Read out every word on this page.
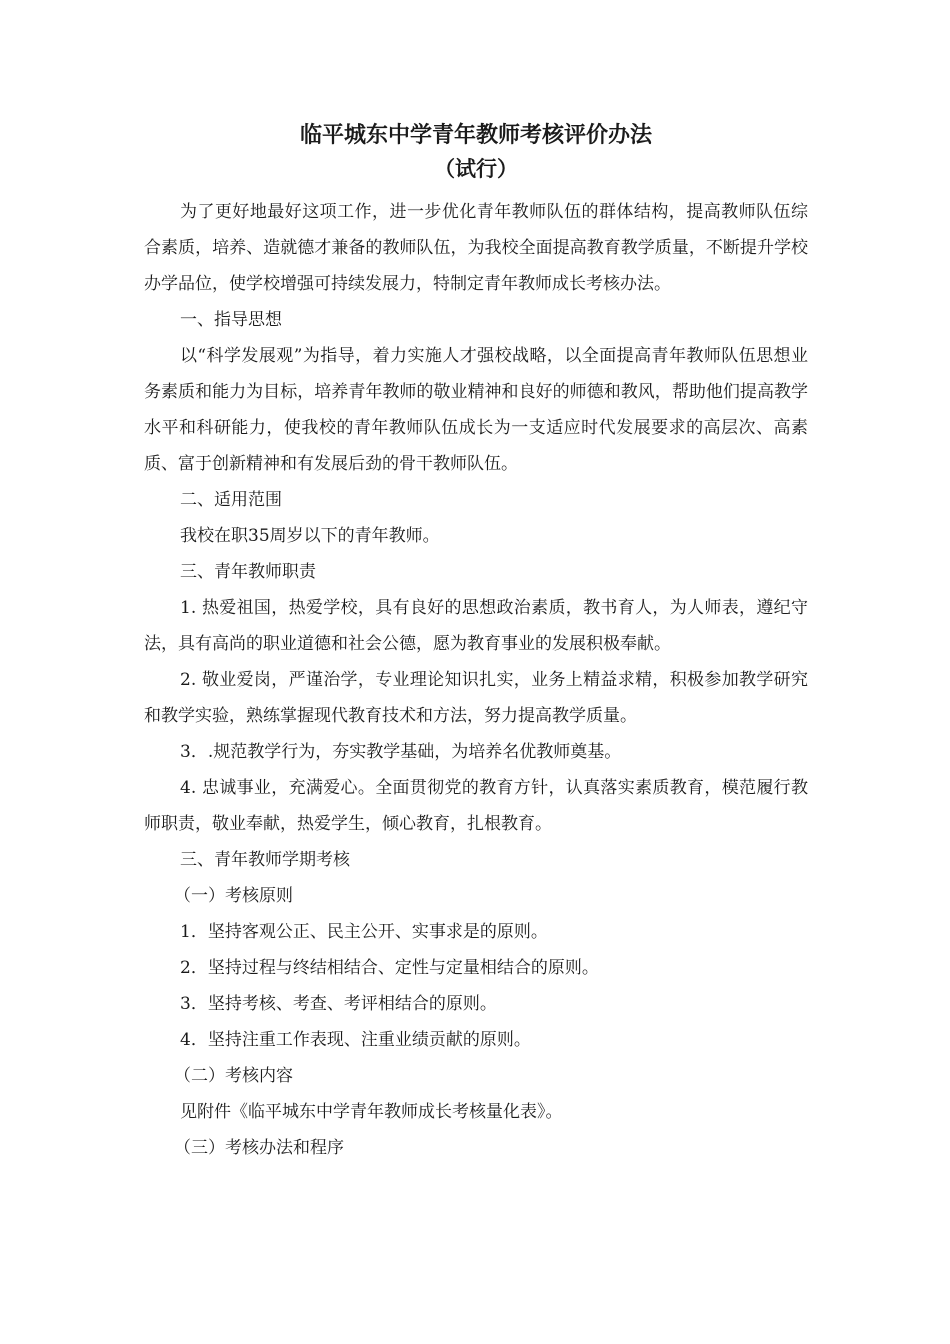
临平城东中学青年教师考核评价办法
（试行）

为了更好地最好这项工作，进一步优化青年教师队伍的群体结构，提高教师队伍综合素质，培养、造就德才兼备的教师队伍，为我校全面提高教育教学质量，不断提升学校办学品位，使学校增强可持续发展力，特制定青年教师成长考核办法。

一、指导思想

以“科学发展观”为指导，着力实施人才强校战略，以全面提高青年教师队伍思想业务素质和能力为目标，培养青年教师的敬业精神和良好的师德和教风，帮助他们提高教学水平和科研能力，使我校的青年教师队伍成长为一支适应时代发展要求的高层次、高素质、富于创新精神和有发展后劲的骨干教师队伍。

二、适用范围

我校在职35周岁以下的青年教师。

三、青年教师职责

1. 热爱祖国，热爱学校，具有良好的思想政治素质，教书育人，为人师表，遵纪守法，具有高尚的职业道德和社会公德，愿为教育事业的发展积极奉献。

2. 敬业爱岗，严谨治学，专业理论知识扎实，业务上精益求精，积极参加教学研究和教学实验，熟练掌握现代教育技术和方法，努力提高教学质量。

3．.规范教学行为，夯实教学基础，为培养名优教师奠基。

4. 忠诚事业，充满爱心。全面贯彻党的教育方针，认真落实素质教育，模范履行教师职责，敬业奉献，热爱学生，倾心教育，扎根教育。

三、青年教师学期考核

（一）考核原则

1．坚持客观公正、民主公开、实事求是的原则。

2．坚持过程与终结相结合、定性与定量相结合的原则。

3．坚持考核、考查、考评相结合的原则。

4．坚持注重工作表现、注重业绩贡献的原则。

（二）考核内容

见附件《临平城东中学青年教师成长考核量化表》。

（三）考核办法和程序
